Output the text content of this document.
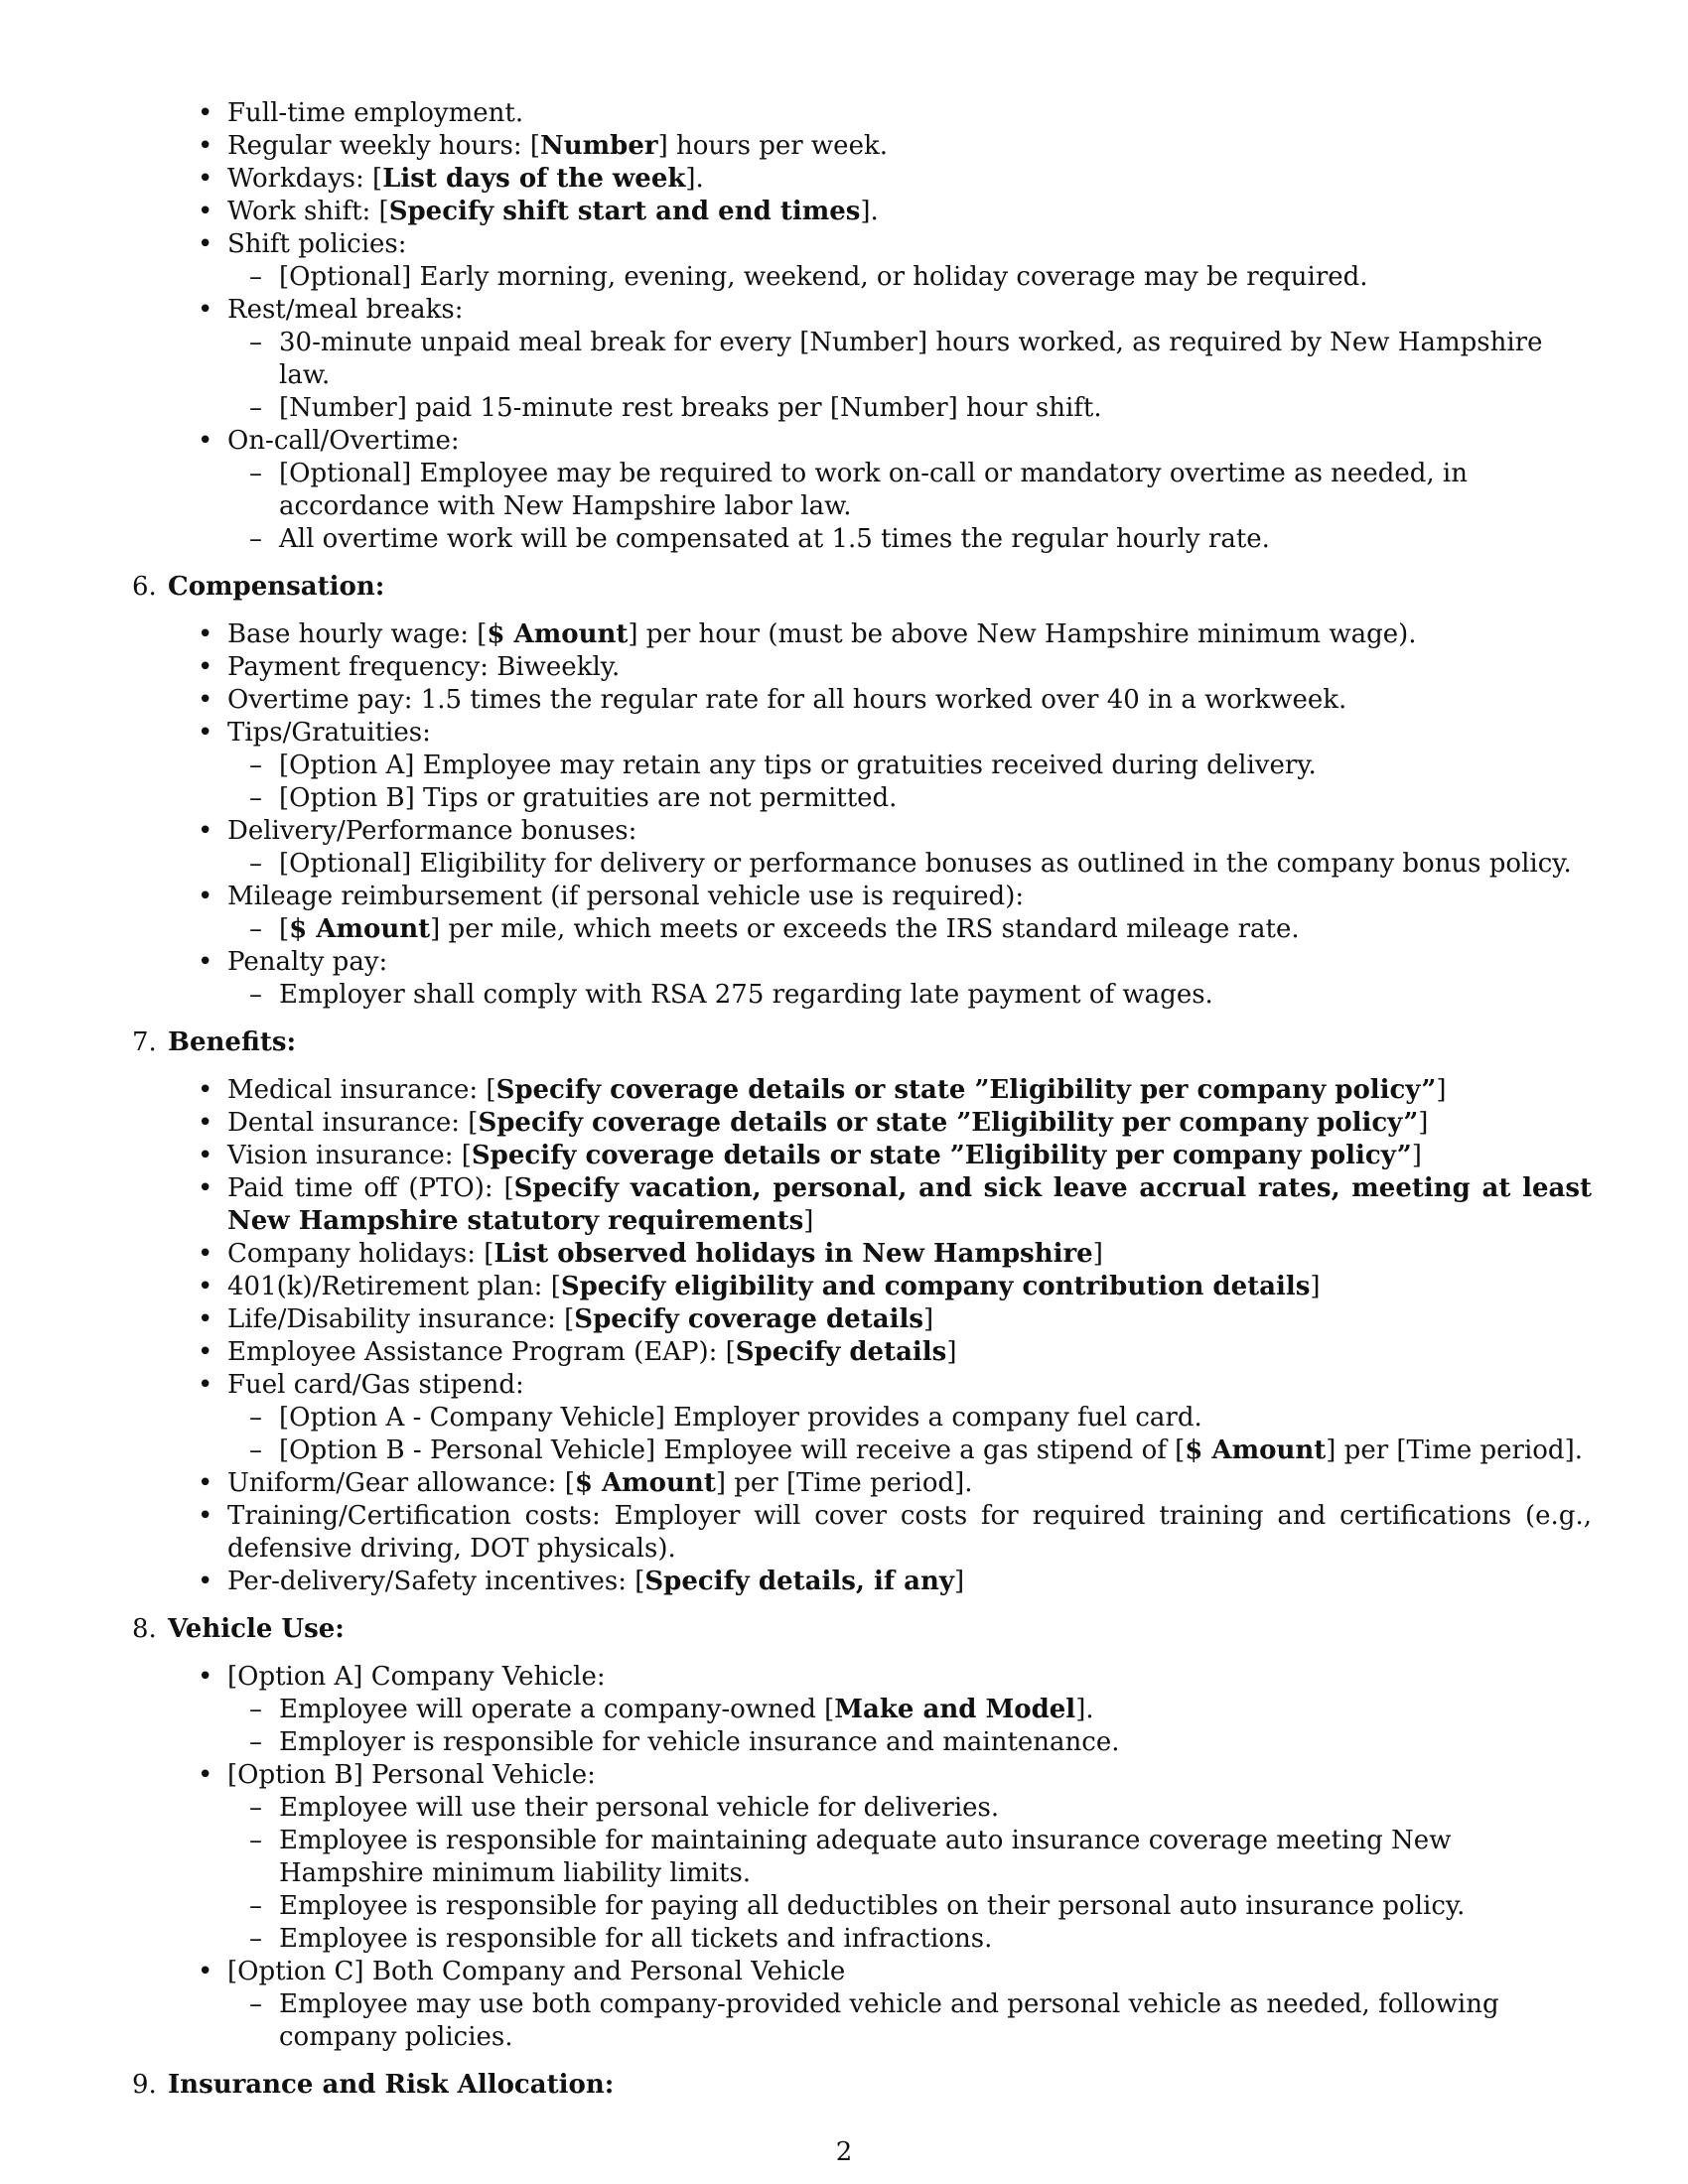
• Full-time employment.
• Regular weekly hours: [Number] hours per week.
• Workdays: [List days of the week].
• Work shift: [Specify shift start and end times].
• Shift policies:
– [Optional] Early morning, evening, weekend, or holiday coverage may be required.
• Rest/meal breaks:
– 30-minute unpaid meal break for every [Number] hours worked, as required by New Hampshire law.
– [Number] paid 15-minute rest breaks per [Number] hour shift.
• On-call/Overtime:
– [Optional] Employee may be required to work on-call or mandatory overtime as needed, in accordance with New Hampshire labor law.
– All overtime work will be compensated at 1.5 times the regular hourly rate.
6. Compensation:
• Base hourly wage: [$ Amount] per hour (must be above New Hampshire minimum wage).
• Payment frequency: Biweekly.
• Overtime pay: 1.5 times the regular rate for all hours worked over 40 in a workweek.
• Tips/Gratuities:
– [Option A] Employee may retain any tips or gratuities received during delivery.
– [Option B] Tips or gratuities are not permitted.
• Delivery/Performance bonuses:
– [Optional] Eligibility for delivery or performance bonuses as outlined in the company bonus policy.
• Mileage reimbursement (if personal vehicle use is required):
– [$ Amount] per mile, which meets or exceeds the IRS standard mileage rate.
• Penalty pay:
– Employer shall comply with RSA 275 regarding late payment of wages.
7. Benefits:
• Medical insurance: [Specify coverage details or state ”Eligibility per company policy”]
• Dental insurance: [Specify coverage details or state ”Eligibility per company policy”]
• Vision insurance: [Specify coverage details or state ”Eligibility per company policy”]
• Paid time off (PTO): [Specify vacation, personal, and sick leave accrual rates, meeting at least New Hampshire statutory requirements]
• Company holidays: [List observed holidays in New Hampshire]
• 401(k)/Retirement plan: [Specify eligibility and company contribution details]
• Life/Disability insurance: [Specify coverage details]
• Employee Assistance Program (EAP): [Specify details]
• Fuel card/Gas stipend:
– [Option A - Company Vehicle] Employer provides a company fuel card.
– [Option B - Personal Vehicle] Employee will receive a gas stipend of [$ Amount] per [Time period].
• Uniform/Gear allowance: [$ Amount] per [Time period].
• Training/Certification costs: Employer will cover costs for required training and certifications (e.g., defensive driving, DOT physicals).
• Per-delivery/Safety incentives: [Specify details, if any]
8. Vehicle Use:
• [Option A] Company Vehicle:
– Employee will operate a company-owned [Make and Model].
– Employer is responsible for vehicle insurance and maintenance.
• [Option B] Personal Vehicle:
– Employee will use their personal vehicle for deliveries.
– Employee is responsible for maintaining adequate auto insurance coverage meeting New Hampshire minimum liability limits.
– Employee is responsible for paying all deductibles on their personal auto insurance policy.
– Employee is responsible for all tickets and infractions.
• [Option C] Both Company and Personal Vehicle
– Employee may use both company-provided vehicle and personal vehicle as needed, following company policies.
9. Insurance and Risk Allocation:
2
